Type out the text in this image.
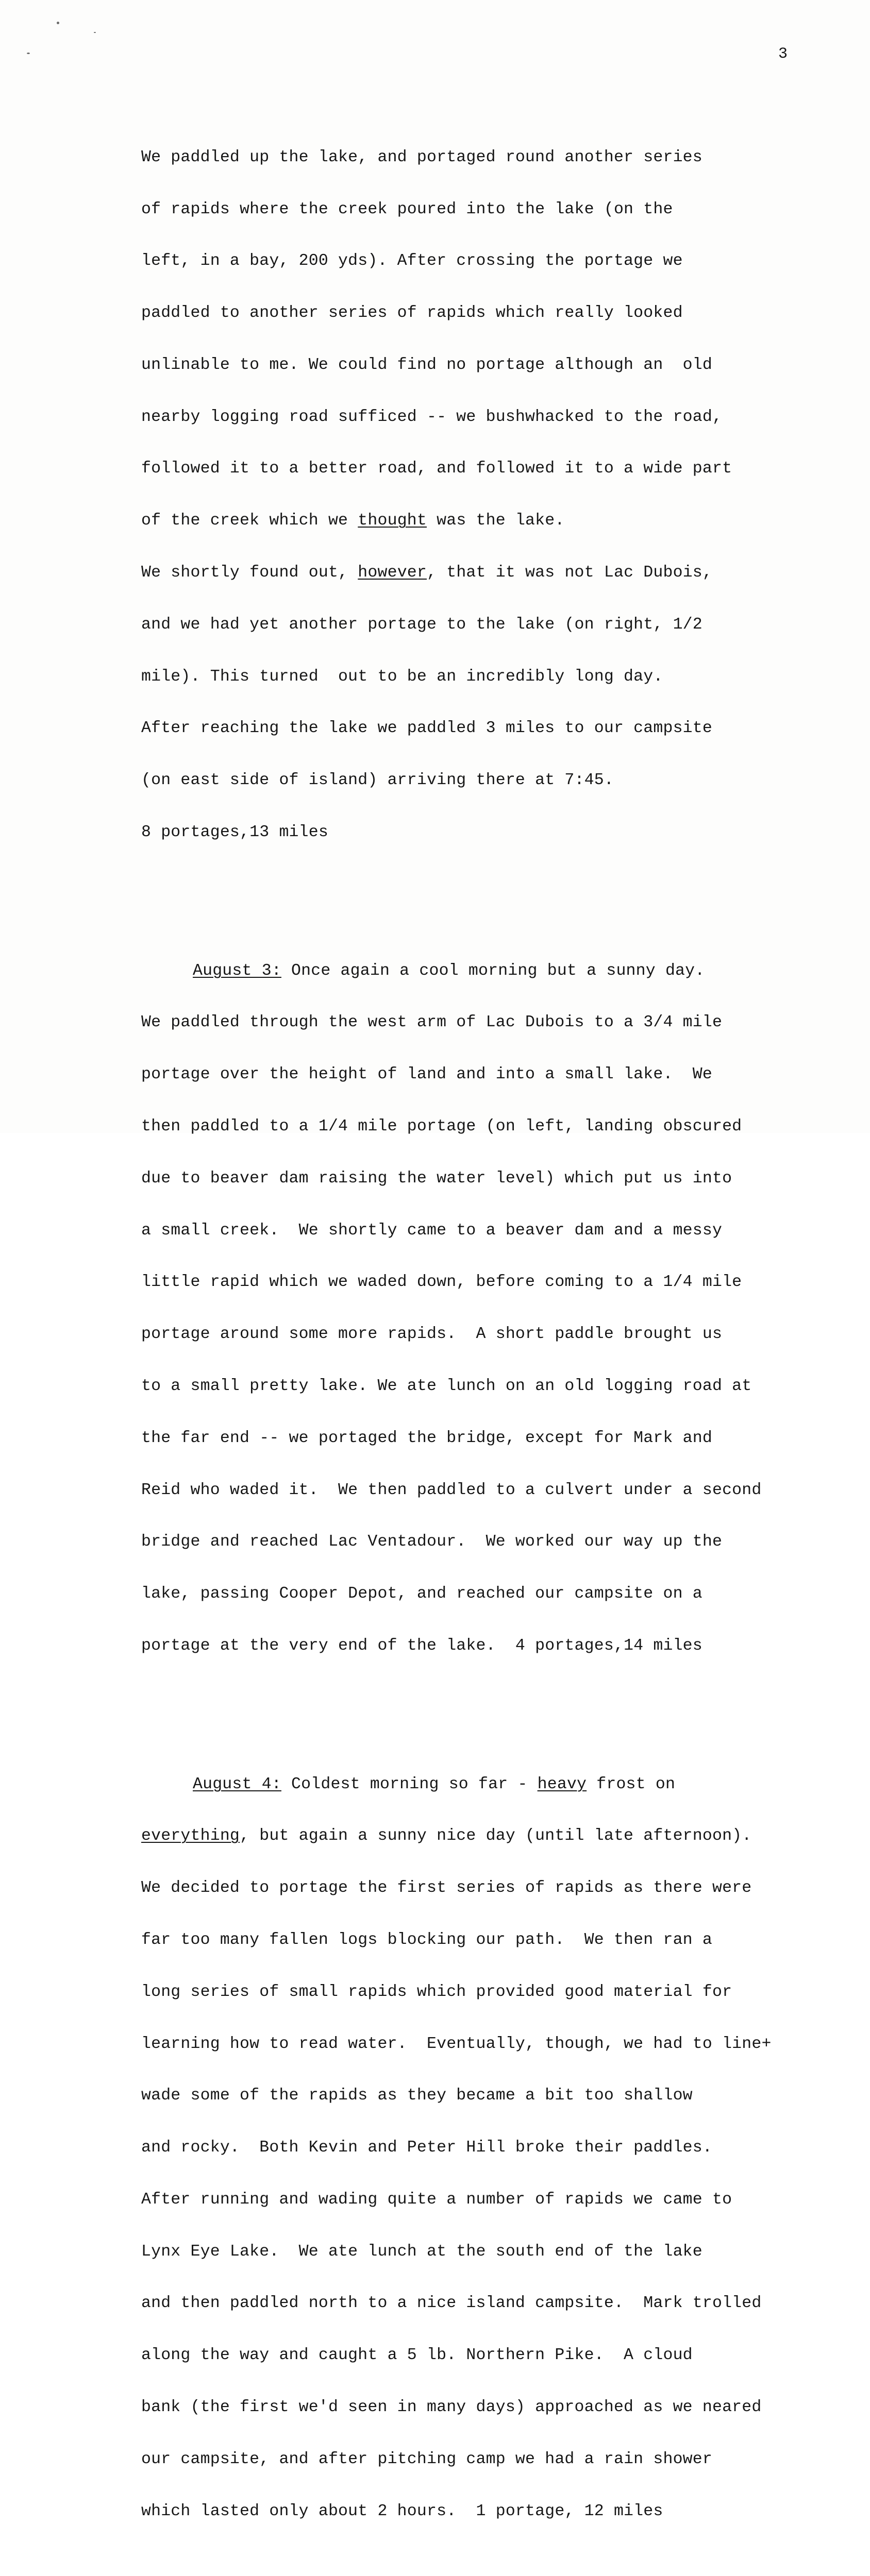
3

We paddled up the lake, and portaged round another series

of rapids where the creek poured into the lake (on the

left, in a bay, 200 yds). After crossing the portage we

paddled to another series of rapids which really looked

unlinable to me. We could find no portage although an  old

nearby logging road sufficed -- we bushwhacked to the road,

followed it to a better road, and followed it to a wide part

of the creek which we thought was the lake.

We shortly found out, however, that it was not Lac Dubois,

and we had yet another portage to the lake (on right, 1/2

mile). This turned  out to be an incredibly long day.

After reaching the lake we paddled 3 miles to our campsite

(on east side of island) arriving there at 7:45.

8 portages,13 miles

August 3: Once again a cool morning but a sunny day.

We paddled through the west arm of Lac Dubois to a 3/4 mile

portage over the height of land and into a small lake.  We

then paddled to a 1/4 mile portage (on left, landing obscured

due to beaver dam raising the water level) which put us into

a small creek.  We shortly came to a beaver dam and a messy

little rapid which we waded down, before coming to a 1/4 mile

portage around some more rapids.  A short paddle brought us

to a small pretty lake. We ate lunch on an old logging road at

the far end -- we portaged the bridge, except for Mark and

Reid who waded it.  We then paddled to a culvert under a second

bridge and reached Lac Ventadour.  We worked our way up the

lake, passing Cooper Depot, and reached our campsite on a

portage at the very end of the lake.  4 portages,14 miles

August 4: Coldest morning so far - heavy frost on

everything, but again a sunny nice day (until late afternoon).

We decided to portage the first series of rapids as there were

far too many fallen logs blocking our path.  We then ran a

long series of small rapids which provided good material for

learning how to read water.  Eventually, though, we had to line+

wade some of the rapids as they became a bit too shallow

and rocky.  Both Kevin and Peter Hill broke their paddles.

After running and wading quite a number of rapids we came to

Lynx Eye Lake.  We ate lunch at the south end of the lake

and then paddled north to a nice island campsite.  Mark trolled

along the way and caught a 5 lb. Northern Pike.  A cloud

bank (the first we'd seen in many days) approached as we neared

our campsite, and after pitching camp we had a rain shower

which lasted only about 2 hours.  1 portage, 12 miles
